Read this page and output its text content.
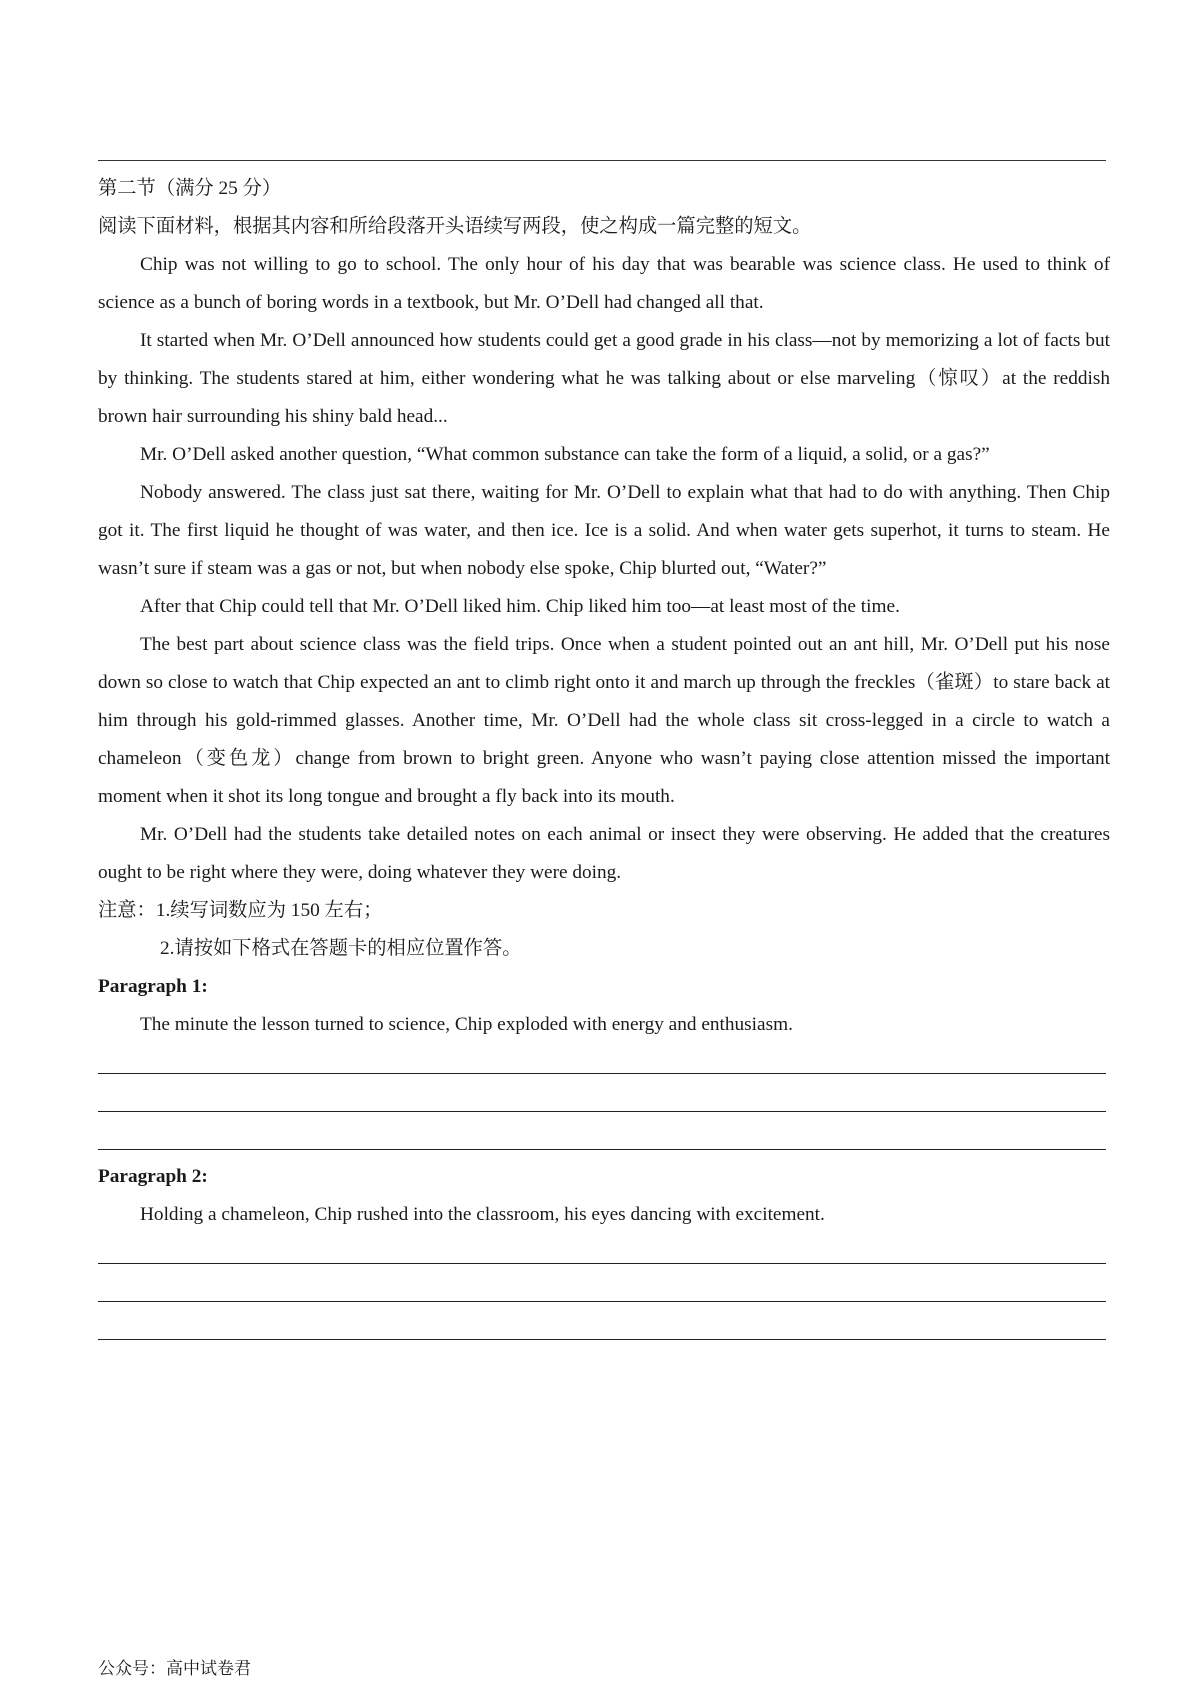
第二节（满分 25 分）

阅读下面材料，根据其内容和所给段落开头语续写两段，使之构成一篇完整的短文。

Chip was not willing to go to school. The only hour of his day that was bearable was science class. He used to think of science as a bunch of boring words in a textbook, but Mr. O’Dell had changed all that.

It started when Mr. O’Dell announced how students could get a good grade in his class—not by memorizing a lot of facts but by thinking. The students stared at him, either wondering what he was talking about or else marveling（惊叹）at the reddish brown hair surrounding his shiny bald head...

Mr. O’Dell asked another question, “What common substance can take the form of a liquid, a solid, or a gas?”

Nobody answered. The class just sat there, waiting for Mr. O’Dell to explain what that had to do with anything. Then Chip got it. The first liquid he thought of was water, and then ice. Ice is a solid. And when water gets superhot, it turns to steam. He wasn’t sure if steam was a gas or not, but when nobody else spoke, Chip blurted out, “Water?”

After that Chip could tell that Mr. O’Dell liked him. Chip liked him too—at least most of the time.

The best part about science class was the field trips. Once when a student pointed out an ant hill, Mr. O’Dell put his nose down so close to watch that Chip expected an ant to climb right onto it and march up through the freckles（雀斑）to stare back at him through his gold-rimmed glasses. Another time, Mr. O’Dell had the whole class sit cross-legged in a circle to watch a chameleon（变色龙）change from brown to bright green. Anyone who wasn’t paying close attention missed the important moment when it shot its long tongue and brought a fly back into its mouth.

Mr. O’Dell had the students take detailed notes on each animal or insect they were observing. He added that the creatures ought to be right where they were, doing whatever they were doing.

注意：1.续写词数应为 150 左右；

2.请按如下格式在答题卡的相应位置作答。

Paragraph 1:

The minute the lesson turned to science, Chip exploded with energy and enthusiasm.

Paragraph 2:

Holding a chameleon, Chip rushed into the classroom, his eyes dancing with excitement.

公众号：高中试卷君
